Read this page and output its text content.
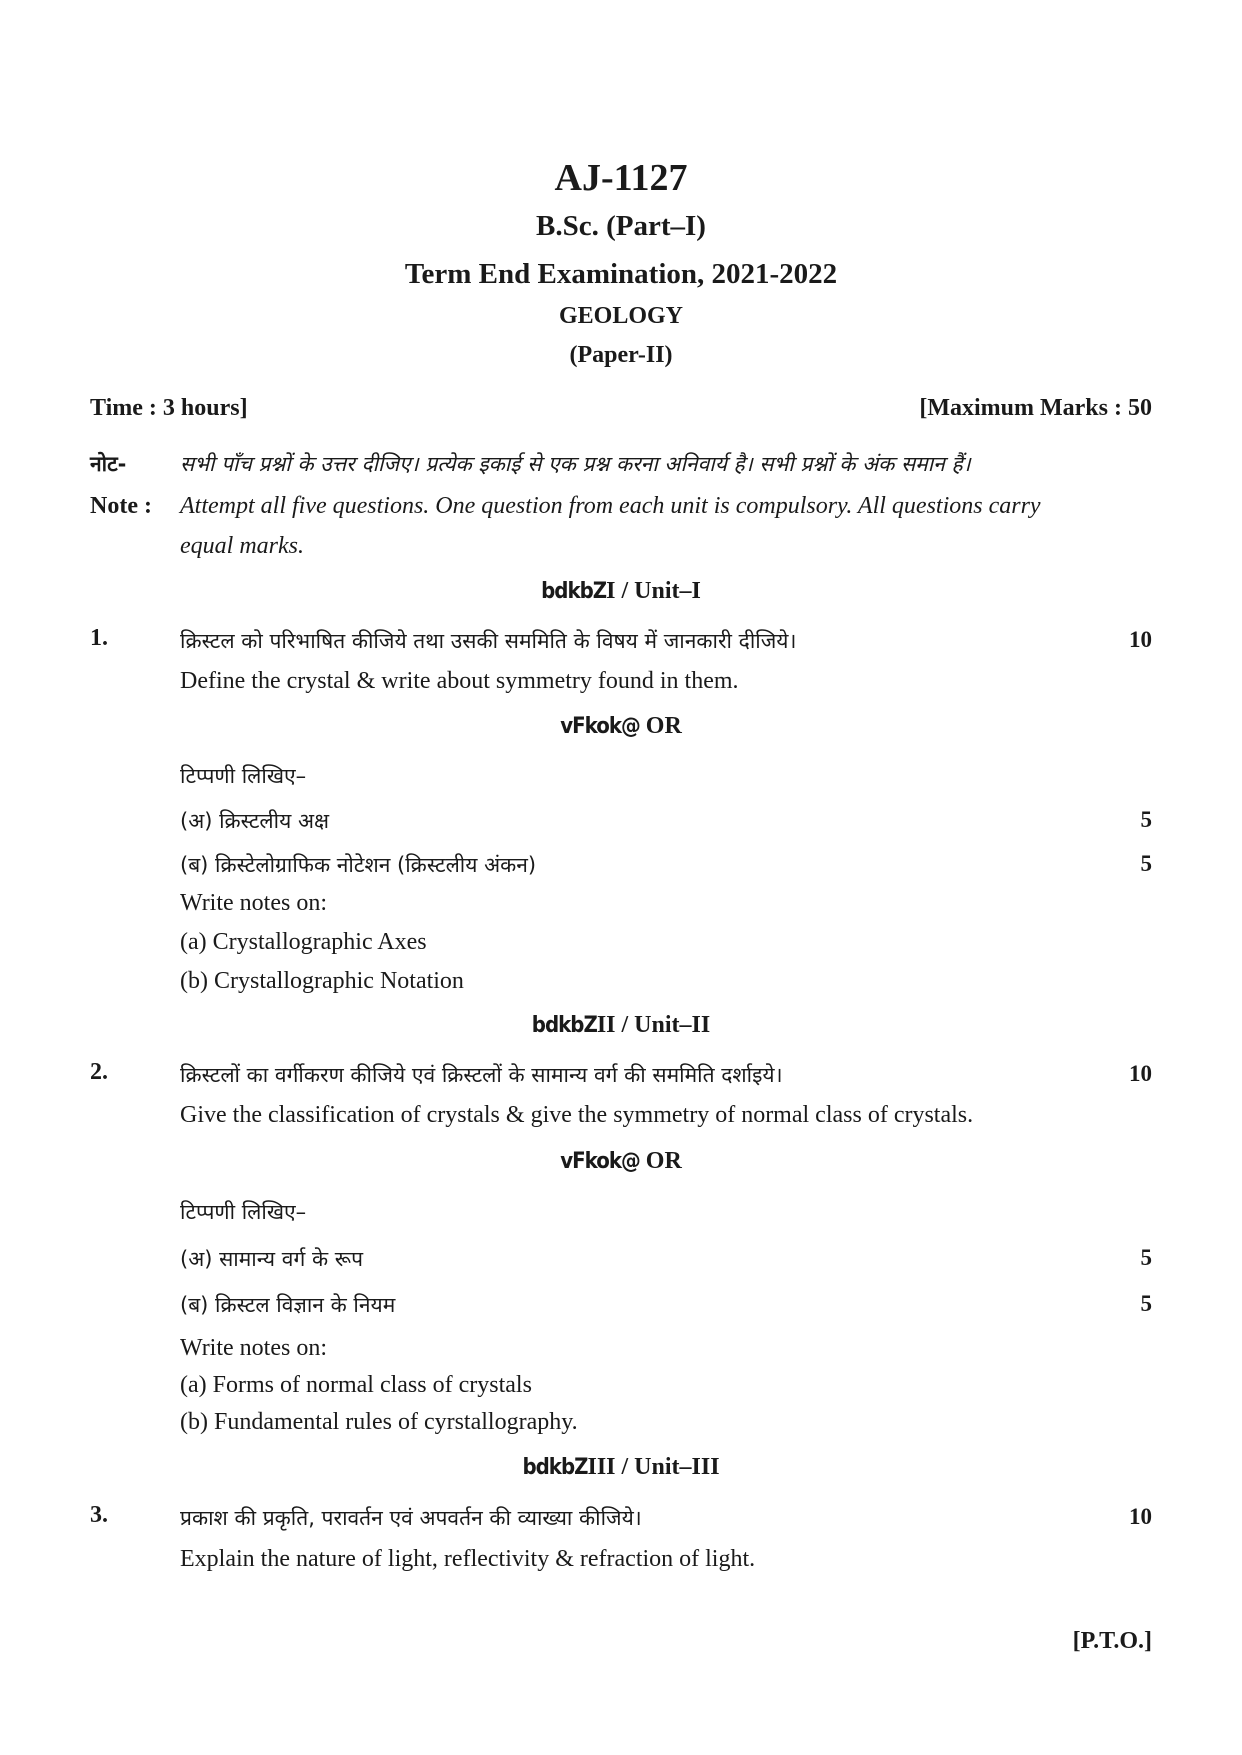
AJ-1127
B.Sc. (Part–I)
Term End Examination, 2021-2022
GEOLOGY
(Paper-II)
Time : 3 hours]	[Maximum Marks : 50
नोट-	सभी पाँच प्रश्नों के उत्तर दीजिए। प्रत्येक इकाई से एक प्रश्न करना अनिवार्य है। सभी प्रश्नों के अंक समान हैं।
Note : Attempt all five questions. One question from each unit is compulsory. All questions carry
equal marks.
bdkbZI / Unit–I
1.	क्रिस्टल को परिभाषित कीजिये तथा उसकी सममिति के विषय में जानकारी दीजिये।	10
Define the crystal & write about symmetry found in them.
vFkok@ OR
टिप्पणी लिखिए–
(अ) क्रिस्टलीय अक्ष	5
(ब) क्रिस्टेलोग्राफिक नोटेशन (क्रिस्टलीय अंकन)	5
Write notes on:
(a) Crystallographic Axes
(b) Crystallographic Notation
bdkbZII / Unit–II
2.	क्रिस्टलों का वर्गीकरण कीजिये एवं क्रिस्टलों के सामान्य वर्ग की सममिति दर्शाइये।	10
Give the classification of crystals & give the symmetry of normal class of crystals.
vFkok@ OR
टिप्पणी लिखिए–
(अ) सामान्य वर्ग के रूप	5
(ब) क्रिस्टल विज्ञान के नियम	5
Write notes on:
(a) Forms of normal class of crystals
(b) Fundamental rules of cyrstallography.
bdkbZIII / Unit–III
3.	प्रकाश की प्रकृति, परावर्तन एवं अपवर्तन की व्याख्या कीजिये।	10
Explain the nature of light, reflectivity & refraction of light.
[P.T.O.]
